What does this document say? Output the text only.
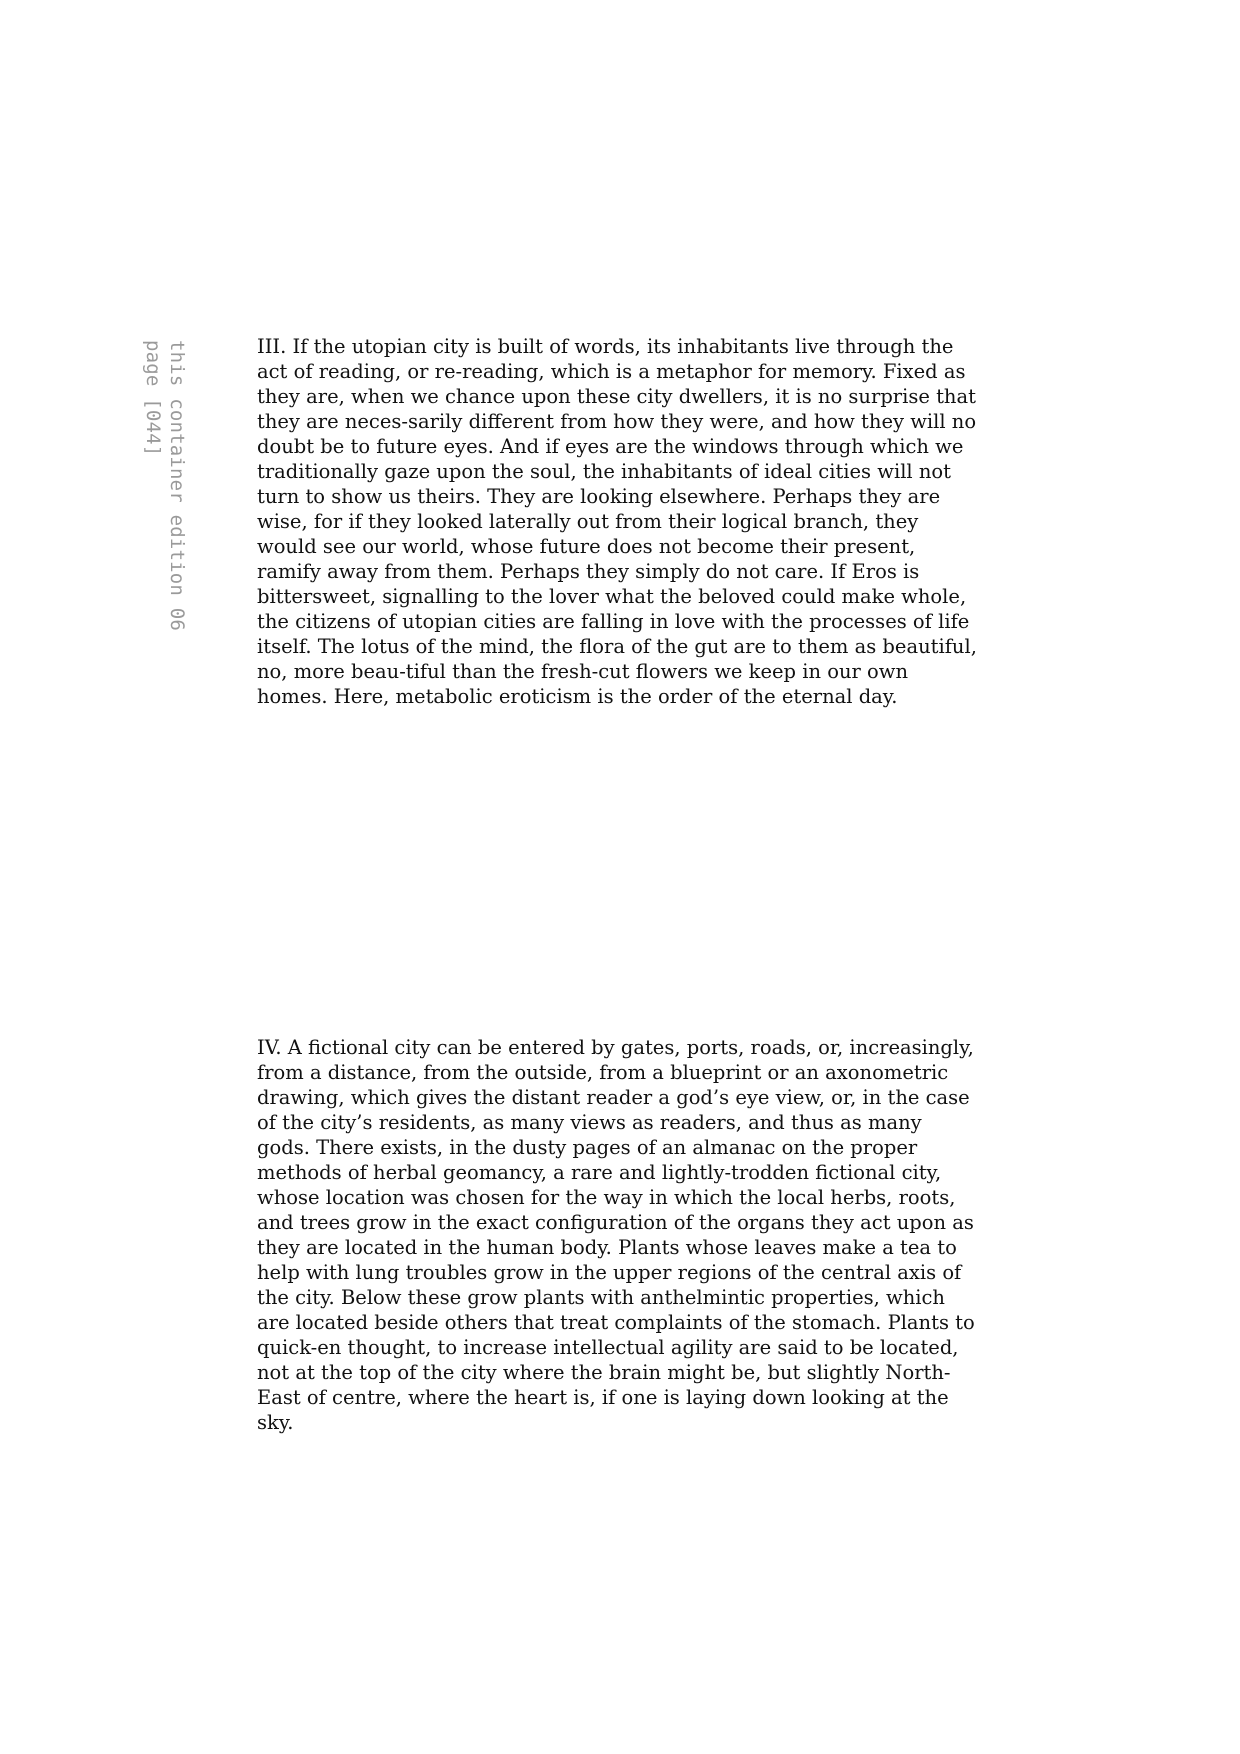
this container edition 06
page [044]	III. If the utopian city is built of words, its inhabitants live through the act of reading, or re-reading, which is a metaphor for memory. Fixed as they are, when we chance upon these city dwellers, it is no surprise that they are neces-sarily different from how they were, and how they will no doubt be to future eyes. And if eyes are the windows through which we traditionally gaze upon the soul, the inhabitants of ideal cities will not turn to show us theirs. They are looking elsewhere. Perhaps they are wise, for if they looked laterally out from their logical branch, they would see our world, whose future does not become their present, ramify away from them. Perhaps they simply do not care. If Eros is bittersweet, signalling to the lover what the beloved could make whole, the citizens of utopian cities are falling in love with the processes of life itself. The lotus of the mind, the flora of the gut are to them as beautiful, no, more beau-tiful than the fresh-cut flowers we keep in our own homes. Here, metabolic eroticism is the order of the eternal day.

IV. A fictional city can be entered by gates, ports, roads, or, increasingly, from a distance, from the outside, from a blueprint or an axonometric drawing, which gives the distant reader a god’s eye view, or, in the case of the city’s residents, as many views as readers, and thus as many gods. There exists, in the dusty pages of an almanac on the proper methods of herbal geomancy, a rare and lightly-trodden fictional city, whose location was chosen for the way in which the local herbs, roots, and trees grow in the exact configuration of the organs they act upon as they are located in the human body. Plants whose leaves make a tea to help with lung troubles grow in the upper regions of the central axis of the city. Below these grow plants with anthelmintic properties, which are located beside others that treat complaints of the stomach. Plants to quick-en thought, to increase intellectual agility are said to be located, not at the top of the city where the brain might be, but slightly North-East of centre, where the heart is, if one is laying down looking at the sky.
